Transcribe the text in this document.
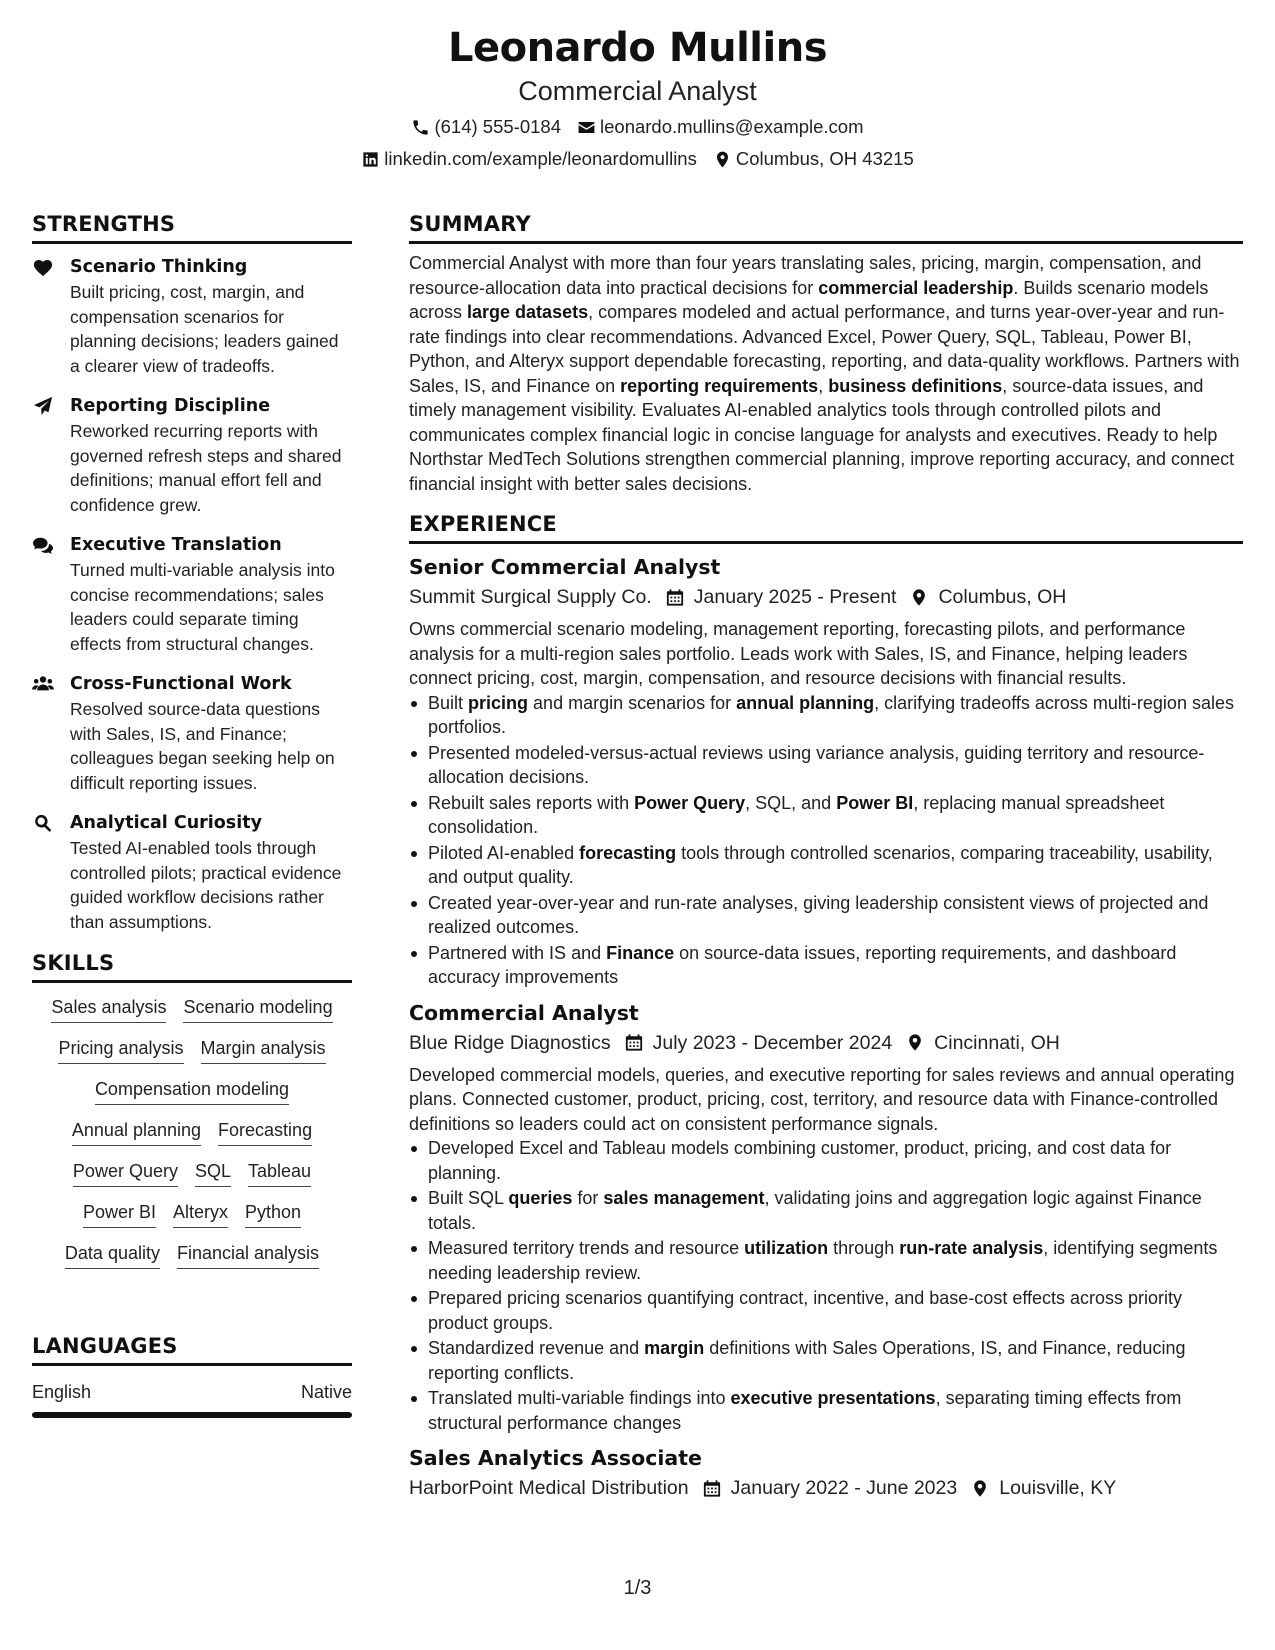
Leonardo Mullins
Commercial Analyst
(614) 555-0184 leonardo.mullins@example.com
linkedin.com/example/leonardomullins Columbus, OH 43215
STRENGTHS
Scenario Thinking
Built pricing, cost, margin, and compensation scenarios for planning decisions; leaders gained a clearer view of tradeoffs.
Reporting Discipline
Reworked recurring reports with governed refresh steps and shared definitions; manual effort fell and confidence grew.
Executive Translation
Turned multi-variable analysis into concise recommendations; sales leaders could separate timing effects from structural changes.
Cross-Functional Work
Resolved source-data questions with Sales, IS, and Finance; colleagues began seeking help on difficult reporting issues.
Analytical Curiosity
Tested AI-enabled tools through controlled pilots; practical evidence guided workflow decisions rather than assumptions.
SKILLS
Sales analysis Scenario modeling
Pricing analysis Margin analysis
Compensation modeling
Annual planning Forecasting
Power Query SQL Tableau
Power BI Alteryx Python
Data quality Financial analysis
LANGUAGES
English	Native
SUMMARY

Commercial Analyst with more than four years translating sales, pricing, margin, compensation, and resource-allocation data into practical decisions for commercial leadership. Builds scenario models across large datasets, compares modeled and actual performance, and turns year-over-year and run-rate findings into clear recommendations. Advanced Excel, Power Query, SQL, Tableau, Power BI, Python, and Alteryx support dependable forecasting, reporting, and data-quality workflows. Partners with Sales, IS, and Finance on reporting requirements, business definitions, source-data issues, and timely management visibility. Evaluates AI-enabled analytics tools through controlled pilots and communicates complex financial logic in concise language for analysts and executives. Ready to help Northstar MedTech Solutions strengthen commercial planning, improve reporting accuracy, and connect financial insight with better sales decisions.

EXPERIENCE
Senior Commercial Analyst
Summit Surgical Supply Co. January 2025 - Present Columbus, OH

Owns commercial scenario modeling, management reporting, forecasting pilots, and performance analysis for a multi-region sales portfolio. Leads work with Sales, IS, and Finance, helping leaders connect pricing, cost, margin, compensation, and resource decisions with financial results.

Built pricing and margin scenarios for annual planning, clarifying tradeoffs across multi-region sales portfolios.
Presented modeled-versus-actual reviews using variance analysis, guiding territory and resource-allocation decisions.
Rebuilt sales reports with Power Query, SQL, and Power BI, replacing manual spreadsheet consolidation.
Piloted AI-enabled forecasting tools through controlled scenarios, comparing traceability, usability, and output quality.
Created year-over-year and run-rate analyses, giving leadership consistent views of projected and realized outcomes.
Partnered with IS and Finance on source-data issues, reporting requirements, and dashboard accuracy improvements
Commercial Analyst
Blue Ridge Diagnostics July 2023 - December 2024 Cincinnati, OH

Developed commercial models, queries, and executive reporting for sales reviews and annual operating plans. Connected customer, product, pricing, cost, territory, and resource data with Finance-controlled definitions so leaders could act on consistent performance signals.

Developed Excel and Tableau models combining customer, product, pricing, and cost data for planning.
Built SQL queries for sales management, validating joins and aggregation logic against Finance totals.
Measured territory trends and resource utilization through run-rate analysis, identifying segments needing leadership review.
Prepared pricing scenarios quantifying contract, incentive, and base-cost effects across priority product groups.
Standardized revenue and margin definitions with Sales Operations, IS, and Finance, reducing reporting conflicts.
Translated multi-variable findings into executive presentations, separating timing effects from structural performance changes
Sales Analytics Associate
HarborPoint Medical Distribution January 2022 - June 2023 Louisville, KY
1/3
